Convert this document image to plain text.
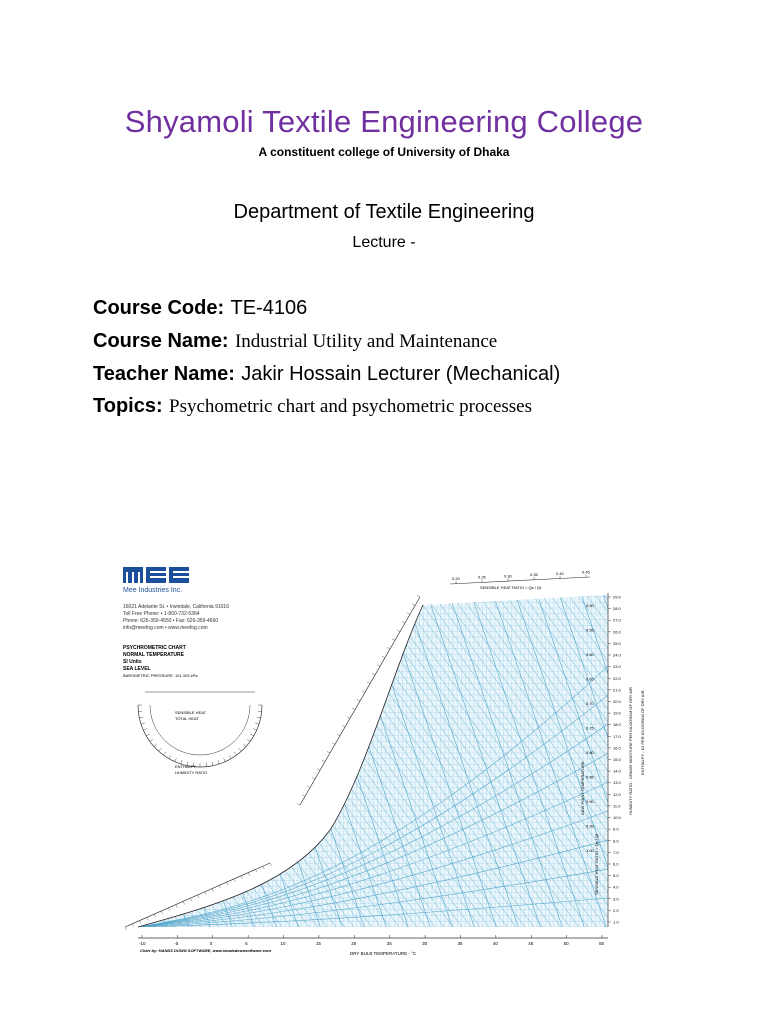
Shyamoli Textile Engineering College
A constituent college of University of Dhaka
Department of Textile Engineering
Lecture -
Course Code: TE-4106
Course Name: Industrial Utility and Maintenance
Teacher Name: Jakir Hossain Lecturer (Mechanical)
Topics: Psychometric chart and psychometric processes
Mee Industries Inc.
16021 Adelante St. • Irwindale, California 91016
Toll Free Phone: • 1-800-732-5364
Phone: 626-359-4550 • Fax: 626-359-4660
info@meefog.com • www.meefog.com
PSYCHROMETRIC CHART
NORMAL TEMPERATURE
SI Units
SEA LEVEL
BAROMETRIC PRESSURE: 101.325 kPa
SENSIBLE HEAT
TOTAL HEAT
ENTHALPY
HUMIDITY RATIO
0.20	0.25	0.30	0.35	0.40	0.45
SENSIBLE HEAT RATIO = Qs / Qt
29.0
28.0
27.0
26.0
25.0
24.0
23.0
22.0
21.0
20.0
19.0
18.0
17.0
16.0
15.0
14.0
13.0
12.0
11.0
10.0
9.0
8.0
7.0
6.0
5.0
4.0
3.0
2.0
1.0
0.50
0.55
0.60
0.65
0.70
0.75
0.80
0.85
0.90
0.95
1.00
DEW POINT TEMPERATURE
SENSIBLE HEAT RATIO = Qs / Qt
HUMIDITY RATIO - GRAMS MOISTURE PER KILOGRAM OF DRY AIR ENTHALPY - KJ PER KILOGRAM OF DRY AIR
-10	-5	0	5	10	15	20	25	30	35	40	45	50	55
DRY BULB TEMPERATURE - °C
Chart by: HANDS DOWN SOFTWARE, www.handsdownsoftware.com
